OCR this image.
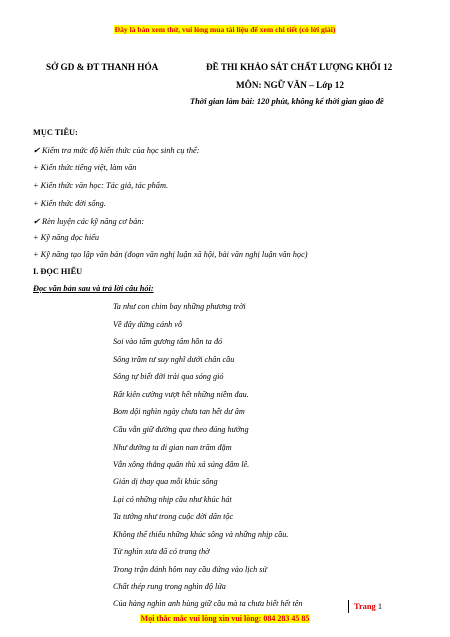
Đây là bản xem thử, vui lòng mua tài liệu để xem chi tiết (có lời giải)
SỞ GD & ĐT THANH HÓA	ĐỀ THI KHẢO SÁT CHẤT LƯỢNG KHỐI 12
MÔN: NGỮ VĂN – Lớp 12
Thời gian làm bài: 120 phút, không kể thời gian giao đề
MỤC TIÊU:
✔ Kiểm tra mức độ kiến thức của học sinh cụ thể:
+ Kiến thức tiếng việt, làm văn
+ Kiến thức văn học: Tác giả, tác phẩm.
+ Kiến thức đời sống.
✔ Rèn luyện các kỹ năng cơ bản:
+ Kỹ năng đọc hiểu
+ Kỹ năng tạo lập văn bản (đoạn văn nghị luận xã hội, bài văn nghị luận văn học)
I. ĐỌC HIỂU
Đọc văn bản sau và trả lời câu hỏi:
Ta như con chim bay những phương trời
Về đây dừng cánh vỗ
Soi vào tấm gương tâm hồn ta đó
Sông trầm tư suy nghĩ dưới chân cầu
Sông tự biết đời trải qua sóng gió
Rất kiên cường vượt hết những niềm đau.
Bom dội nghìn ngày chưa tan hết dư âm
Cầu vẫn giữ đường qua theo đúng hướng
Như đường ta đi gian nan trăm đặm
Vẫn xông thẳng quân thù xả súng đâm lê.
Giản dị thay qua mỗi khúc sông
Lại có những nhịp cầu như khúc hát
Ta tưởng như trong cuộc đời dân tộc
Không thể thiếu những khúc sông và những nhịp cầu.
Từ nghìn xưa đã có trang thờ
Trong trận đánh hôm nay cầu đứng vào lịch sử
Chất thép rung trong nghìn độ lửa
Của hàng nghìn anh hùng giữ cầu mà ta chưa biết hết tên	Trang 1
Mọi thắc mắc vui lòng xin vui lòng: 084 283 45 85
